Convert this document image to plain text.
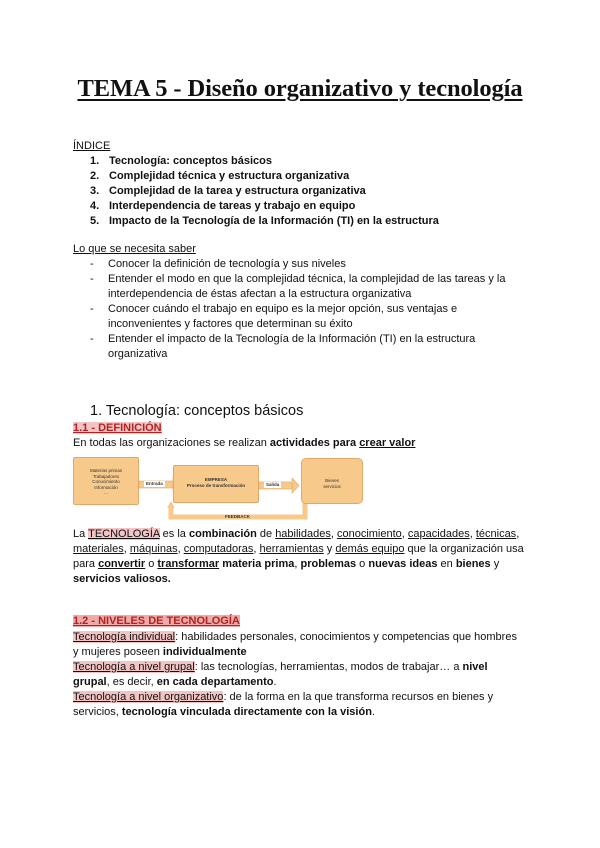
TEMA 5 - Diseño organizativo y tecnología
ÍNDICE
1. Tecnología: conceptos básicos
2. Complejidad técnica y estructura organizativa
3. Complejidad de la tarea y estructura organizativa
4. Interdependencia de tareas y trabajo en equipo
5. Impacto de la Tecnología de la Información (TI) en la estructura
Lo que se necesita saber
-	Conocer la definición de tecnología y sus niveles
-	Entender el modo en que la complejidad técnica, la complejidad de las tareas y la
interdependencia de éstas afectan a la estructura organizativa
-	Conocer cuándo el trabajo en equipo es la mejor opción, sus ventajas e
inconvenientes y factores que determinan su éxito
-	Entender el impacto de la Tecnología de la Información (TI) en la estructura
organizativa
1. Tecnología: conceptos básicos
1.1 - DEFINICIÓN
En todas las organizaciones se realizan actividades para crear valor
Materias primas
Trabajadores
Conocimiento
Información
…
Entrada
EMPRESA
Proceso de transformación	Salida
Bienes
servicios
FEEDBACK
La TECNOLOGÍA es la combinación de habilidades, conocimiento, capacidades, técnicas,
materiales, máquinas, computadoras, herramientas y demás equipo que la organización usa
para convertir o transformar materia prima, problemas o nuevas ideas en bienes y
servicios valiosos.
1.2 - NIVELES DE TECNOLOGÍA
Tecnología individual: habilidades personales, conocimientos y competencias que hombres
y mujeres poseen individualmente
Tecnología a nivel grupal: las tecnologías, herramientas, modos de trabajar… a nivel
grupal, es decir, en cada departamento.
Tecnología a nivel organizativo: de la forma en la que transforma recursos en bienes y
servicios, tecnología vinculada directamente con la visión.
